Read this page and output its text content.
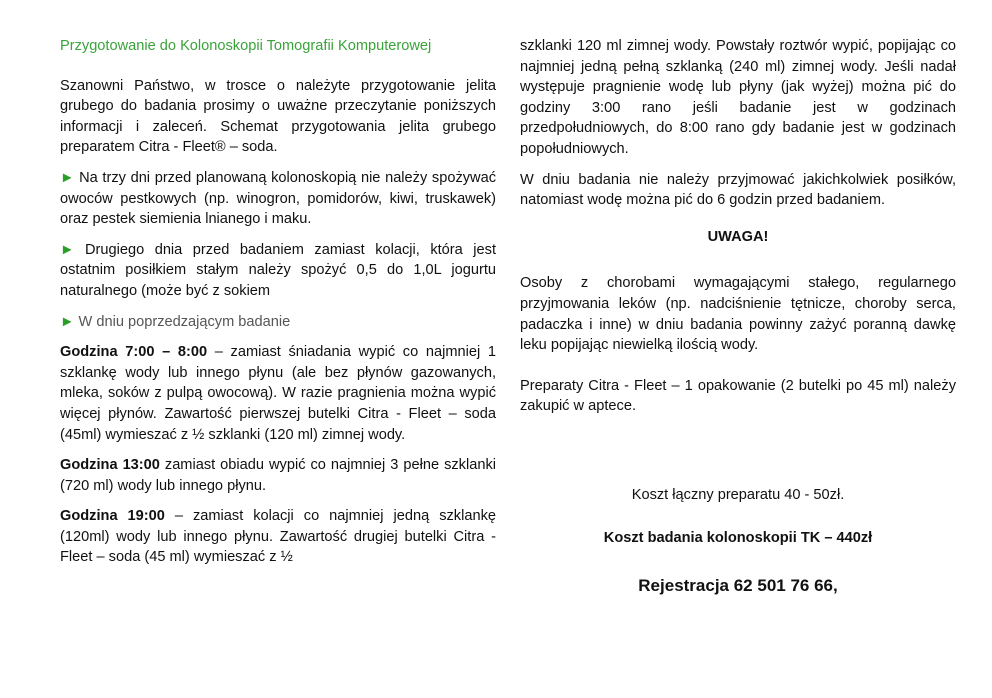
Przygotowanie do Kolonoskopii Tomografii Komputerowej

Szanowni Państwo, w trosce o należyte przygotowanie jelita grubego do badania prosimy o uważne przeczytanie poniższych informacji i zaleceń. Schemat przygotowania jelita grubego preparatem Citra - Fleet® – soda.

► Na trzy dni przed planowaną kolonoskopią nie należy spożywać owoców pestkowych (np. winogron, pomidorów, kiwi, truskawek) oraz pestek siemienia lnianego i maku.

► Drugiego dnia przed badaniem zamiast kolacji, która jest ostatnim posiłkiem stałym należy spożyć 0,5 do 1,0L jogurtu naturalnego (może być z sokiem

► W dniu poprzedzającym badanie

Godzina 7:00 – 8:00 – zamiast śniadania wypić co najmniej 1 szklankę wody lub innego płynu (ale bez płynów gazowanych, mleka, soków z pulpą owocową). W razie pragnienia można wypić więcej płynów. Zawartość pierwszej butelki Citra - Fleet – soda (45ml) wymieszać z ½ szklanki (120 ml) zimnej wody.

Godzina 13:00 zamiast obiadu wypić co najmniej 3 pełne szklanki (720 ml) wody lub innego płynu.

Godzina 19:00 – zamiast kolacji co najmniej jedną szklankę (120ml) wody lub innego płynu. Zawartość drugiej butelki Citra - Fleet – soda (45 ml) wymieszać z ½

szklanki 120 ml zimnej wody. Powstały roztwór wypić, popijając co najmniej jedną pełną szklanką (240 ml) zimnej wody. Jeśli nadał występuje pragnienie wodę lub płyny (jak wyżej) można pić do godziny 3:00 rano jeśli badanie jest w godzinach przedpołudniowych, do 8:00 rano gdy badanie jest w godzinach popołudniowych.

W dniu badania nie należy przyjmować jakichkolwiek posiłków, natomiast wodę można pić do 6 godzin przed badaniem.

UWAGA!

Osoby z chorobami wymagającymi stałego, regularnego przyjmowania leków (np. nadciśnienie tętnicze, choroby serca, padaczka i inne) w dniu badania powinny zażyć poranną dawkę leku popijając niewielką ilością wody.

Preparaty Citra - Fleet – 1 opakowanie (2 butelki po 45 ml) należy zakupić w aptece.

Koszt łączny preparatu 40 - 50zł.

Koszt badania kolonoskopii TK – 440zł

Rejestracja 62 501 76 66,
